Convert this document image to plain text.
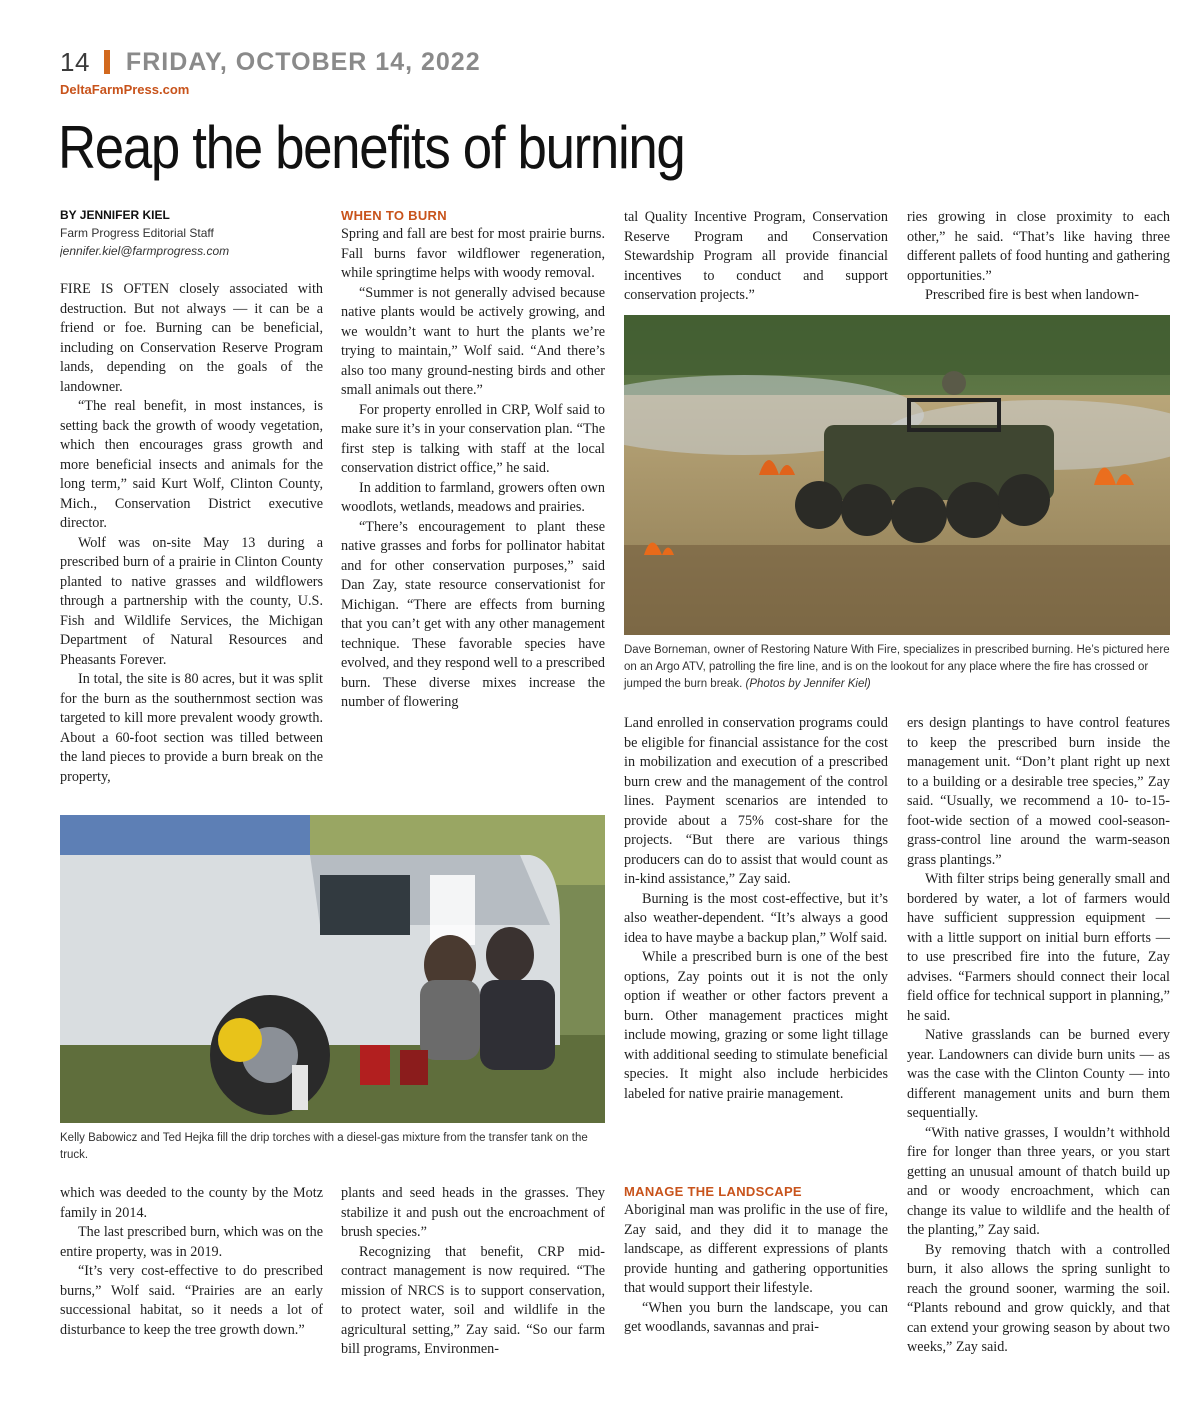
14 FRIDAY, OCTOBER 14, 2022
DeltaFarmPress.com
Reap the benefits of burning
BY JENNIFER KIEL
Farm Progress Editorial Staff
jennifer.kiel@farmprogress.com

FIRE IS OFTEN closely associated with destruction. But not always — it can be a friend or foe. Burning can be beneficial, including on Conservation Reserve Program lands, depending on the goals of the landowner.

“The real benefit, in most instances, is setting back the growth of woody vegetation, which then encourages grass growth and more beneficial insects and animals for the long term,” said Kurt Wolf, Clinton County, Mich., Conservation District executive director.

Wolf was on-site May 13 during a prescribed burn of a prairie in Clinton County planted to native grasses and wildflowers through a partnership with the county, U.S. Fish and Wildlife Services, the Michigan Department of Natural Resources and Pheasants Forever.

In total, the site is 80 acres, but it was split for the burn as the southernmost section was targeted to kill more prevalent woody growth. About a 60-foot section was tilled between the land pieces to provide a burn break on the property,

WHEN TO BURN

Spring and fall are best for most prairie burns. Fall burns favor wildflower regeneration, while springtime helps with woody removal.

“Summer is not generally advised because native plants would be actively growing, and we wouldn’t want to hurt the plants we’re trying to maintain,” Wolf said. “And there’s also too many ground-nesting birds and other small animals out there.”

For property enrolled in CRP, Wolf said to make sure it’s in your conservation plan. “The first step is talking with staff at the local conservation district office,” he said.

In addition to farmland, growers often own woodlots, wetlands, meadows and prairies.

“There’s encouragement to plant these native grasses and forbs for pollinator habitat and for other conservation purposes,” said Dan Zay, state resource conservationist for Michigan. “There are effects from burning that you can’t get with any other management technique. These favorable species have evolved, and they respond well to a prescribed burn. These diverse mixes increase the number of flowering

tal Quality Incentive Program, Conservation Reserve Program and Conservation Stewardship Program all provide financial incentives to conduct and support conservation projects.”

ries growing in close proximity to each other,” he said. “That’s like having three different pallets of food hunting and gathering opportunities.”

Prescribed fire is best when landown-

Dave Borneman, owner of Restoring Nature With Fire, specializes in prescribed burning. He’s pictured here on an Argo ATV, patrolling the fire line, and is on the lookout for any place where the fire has crossed or jumped the burn break. (Photos by Jennifer Kiel)

Land enrolled in conservation programs could be eligible for financial assistance for the cost in mobilization and execution of a prescribed burn crew and the management of the control lines. Payment scenarios are intended to provide about a 75% cost-share for the projects. “But there are various things producers can do to assist that would count as in-kind assistance,” Zay said.

Burning is the most cost-effective, but it’s also weather-dependent. “It’s always a good idea to have maybe a backup plan,” Wolf said.

While a prescribed burn is one of the best options, Zay points out it is not the only option if weather or other factors prevent a burn. Other management practices might include mowing, grazing or some light tillage with additional seeding to stimulate beneficial species. It might also include herbicides labeled for native prairie management.

ers design plantings to have control features to keep the prescribed burn inside the management unit. “Don’t plant right up next to a building or a desirable tree species,” Zay said. “Usually, we recommend a 10- to-15-foot-wide section of a mowed cool-season-grass-control line around the warm-season grass plantings.”

With filter strips being generally small and bordered by water, a lot of farmers would have sufficient suppression equipment — with a little support on initial burn efforts — to use prescribed fire into the future, Zay advises. “Farmers should connect their local field office for technical support in planning,” he said.

Native grasslands can be burned every year. Landowners can divide burn units — as was the case with the Clinton County — into different management units and burn them sequentially.

“With native grasses, I wouldn’t withhold fire for longer than three years, or you start getting an unusual amount of thatch build up and or woody encroachment, which can change its value to wildlife and the health of the planting,” Zay said.

By removing thatch with a controlled burn, it also allows the spring sunlight to reach the ground sooner, warming the soil. “Plants rebound and grow quickly, and that can extend your growing season by about two weeks,” Zay said.

Kelly Babowicz and Ted Hejka fill the drip torches with a diesel-gas mixture from the transfer tank on the truck.

which was deeded to the county by the Motz family in 2014.

The last prescribed burn, which was on the entire property, was in 2019.

“It’s very cost-effective to do prescribed burns,” Wolf said. “Prairies are an early successional habitat, so it needs a lot of disturbance to keep the tree growth down.”

plants and seed heads in the grasses. They stabilize it and push out the encroachment of brush species.”

Recognizing that benefit, CRP mid-contract management is now required. “The mission of NRCS is to support conservation, to protect water, soil and wildlife in the agricultural setting,” Zay said. “So our farm bill programs, Environmen-

MANAGE THE LANDSCAPE

Aboriginal man was prolific in the use of fire, Zay said, and they did it to manage the landscape, as different expressions of plants provide hunting and gathering opportunities that would support their lifestyle.

“When you burn the landscape, you can get woodlands, savannas and prai-
